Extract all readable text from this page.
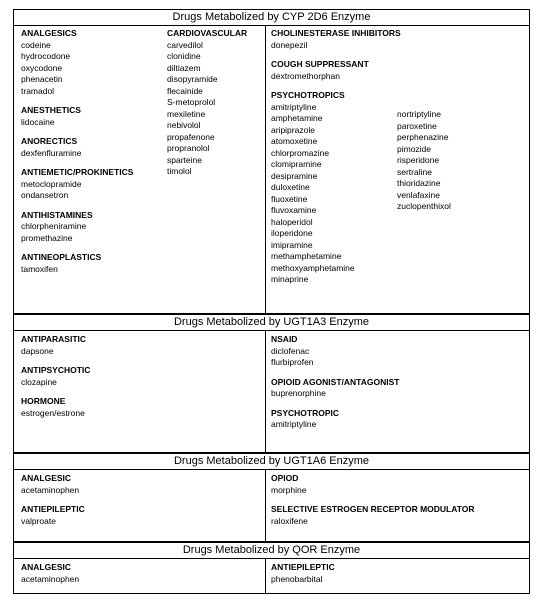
Drugs Metabolized by CYP 2D6 Enzyme
ANALGESICS
codeine
hydrocodone
oxycodone
phenacetin
tramadol
ANESTHETICS
lidocaine
ANORECTICS
dexfenfluramine
ANTIEMETIC/PROKINETICS
metoclopramide
ondansetron
ANTIHISTAMINES
chlorpheniramine
promethazine
ANTINEOPLASTICS
tamoxifen
CARDIOVASCULAR
carvedilol
clonidine
diltiazem
disopyramide
flecainide
S-metoprolol
mexiletine
nebivolol
propafenone
propranolol
sparteine
timolol
CHOLINESTERASE INHIBITORS
donepezil
COUGH SUPPRESSANT
dextromethorphan
PSYCHOTROPICS
amitriptyline
amphetamine
aripiprazole
atomoxetine
chlorpromazine
clomipramine
desipramine
duloxetine
fluoxetine
fluvoxamine
haloperidol
iloperidone
imipramine
methamphetamine
methoxyamphetamine
minaprine
nortriptyline
paroxetine
perphenazine
pimozide
risperidone
sertraline
thioridazine
venlafaxine
zuclopenthixol
Drugs Metabolized by UGT1A3 Enzyme
ANTIPARASITIC
dapsone
ANTIPSYCHOTIC
clozapine
HORMONE
estrogen/estrone
NSAID
diclofenac
flurbiprofen
OPIOID AGONIST/ANTAGONIST
buprenorphine
PSYCHOTROPIC
amitriptyline
Drugs Metabolized by UGT1A6 Enzyme
ANALGESIC
acetaminophen
ANTIEPILEPTIC
valproate
OPIOD
morphine
SELECTIVE ESTROGEN RECEPTOR MODULATOR
raloxifene
Drugs Metabolized by QOR Enzyme
ANALGESIC
acetaminophen
ANTIEPILEPTIC
phenobarbital
